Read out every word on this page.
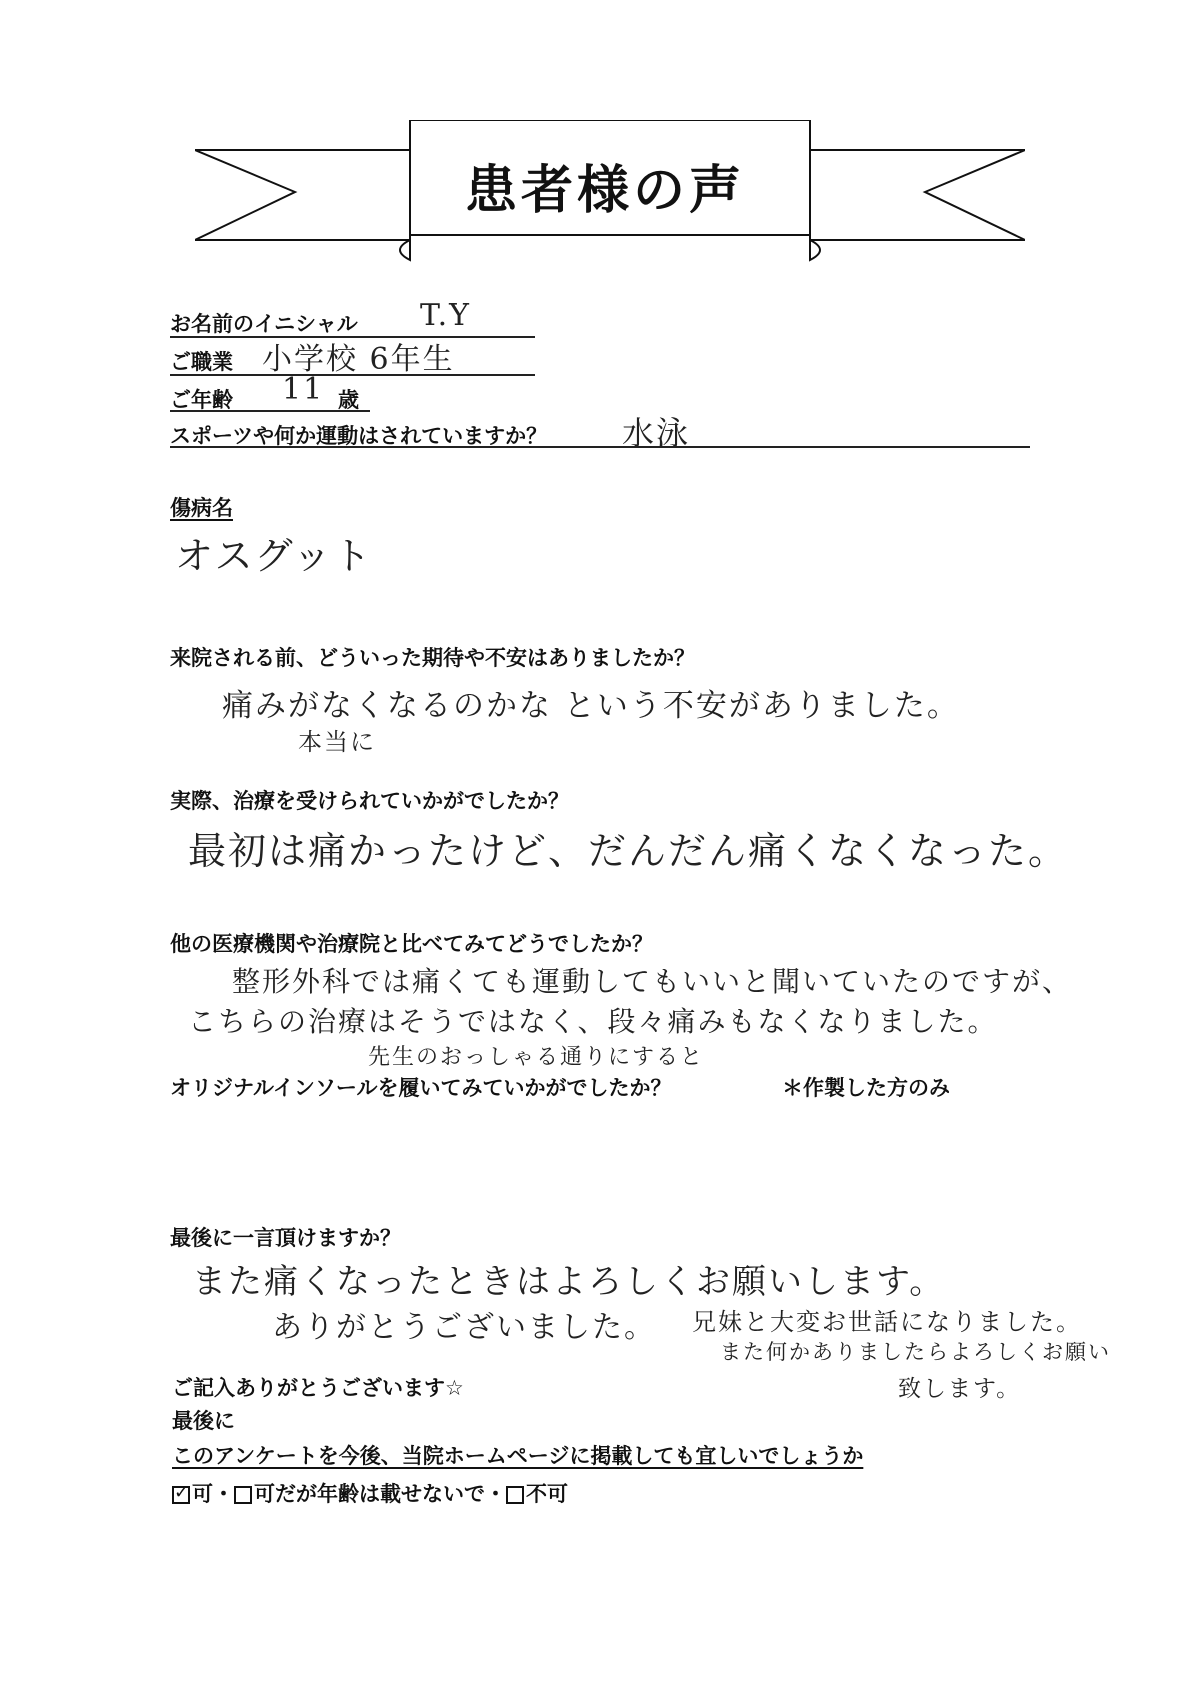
患者様の声
お名前のイニシャル T.Y
ご職業 小学校 6年生
ご年齢 11 歳
スポーツや何か運動はされていますか？ 水泳
傷病名
オスグット
来院される前、どういった期待や不安はありましたか？
痛みがなくなるのかな という不安がありました。
本当に
実際、治療を受けられていかがでしたか？
最初は痛かったけど、だんだん痛くなくなった。
他の医療機関や治療院と比べてみてどうでしたか？
整形外科では痛くても運動してもいいと聞いていたのですが、
こちらの治療はそうではなく、段々痛みもなくなりました。
先生のおっしゃる通りにすると
オリジナルインソールを履いてみていかがでしたか？	＊作製した方のみ
最後に一言頂けますか？
また痛くなったときはよろしくお願いします。
ありがとうございました。 兄妹と大変お世話になりました。
また何かありましたらよろしくお願い
致します。
ご記入ありがとうございます☆
最後に
このアンケートを今後、当院ホームページに掲載しても宜しいでしょうか
✓可・ 可だが年齢は載せないで・ 不可
